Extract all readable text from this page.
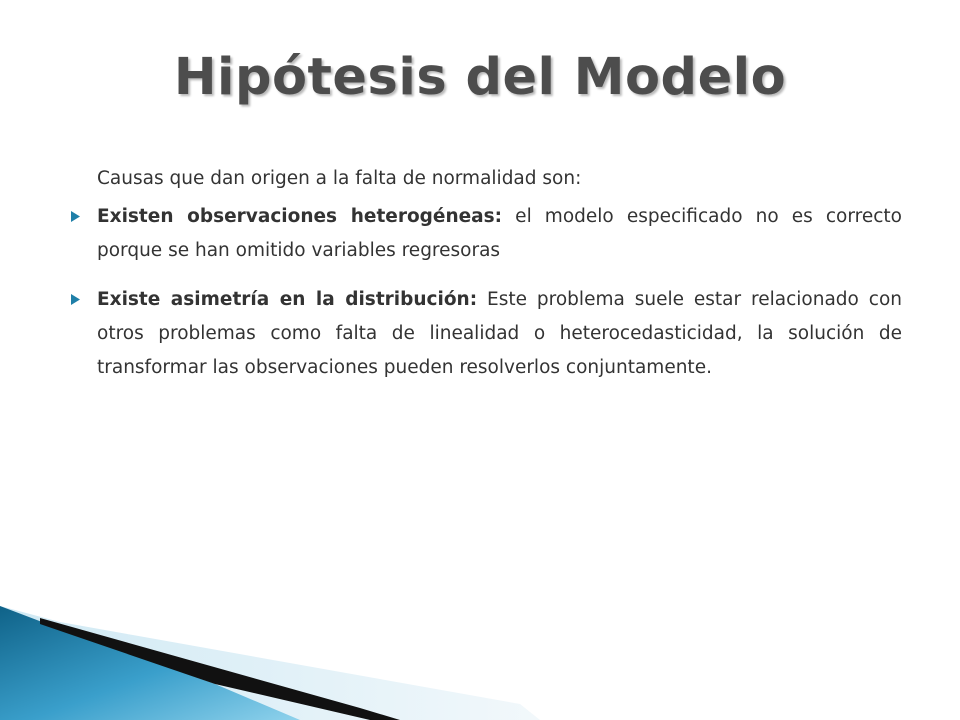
Hipótesis del Modelo
Causas que dan origen a la falta de normalidad son:
Existen observaciones heterogéneas: el modelo especificado no es correcto porque se han omitido variables regresoras
Existe asimetría en la distribución: Este problema suele estar relacionado con otros problemas como falta de linealidad o heterocedasticidad, la solución de transformar las observaciones pueden resolverlos conjuntamente.
